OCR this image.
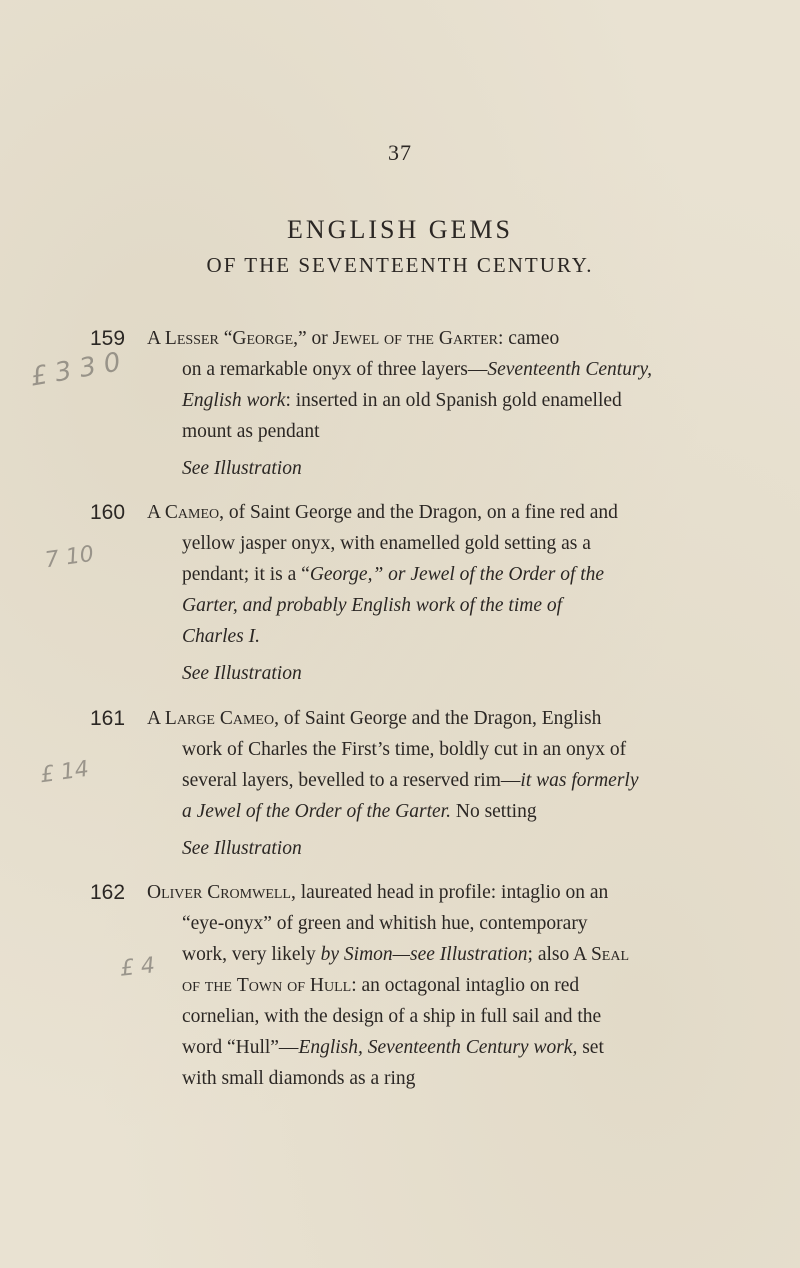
37
ENGLISH GEMS
OF THE SEVENTEENTH CENTURY.
159 A Lesser “George,” or Jewel of the Garter: cameo
on a remarkable onyx of three layers—Seventeenth Century,
English work: inserted in an old Spanish gold enamelled
mount as pendant
See Illustration
160 A Cameo, of Saint George and the Dragon, on a fine red and
yellow jasper onyx, with enamelled gold setting as a
pendant; it is a “George,” or Jewel of the Order of the
Garter, and probably English work of the time of
Charles I.
See Illustration
161 A Large Cameo, of Saint George and the Dragon, English
work of Charles the First’s time, boldly cut in an onyx of
several layers, bevelled to a reserved rim—it was formerly
a Jewel of the Order of the Garter. No setting
See Illustration
162 Oliver Cromwell, laureated head in profile: intaglio on an
“eye-onyx” of green and whitish hue, contemporary
work, very likely by Simon—see Illustration; also A Seal
of the Town of Hull: an octagonal intaglio on red
cornelian, with the design of a ship in full sail and the
word “Hull”—English, Seventeenth Century work, set
with small diamonds as a ring
£ 3 3 0
7 10
£ 14
£ 4
